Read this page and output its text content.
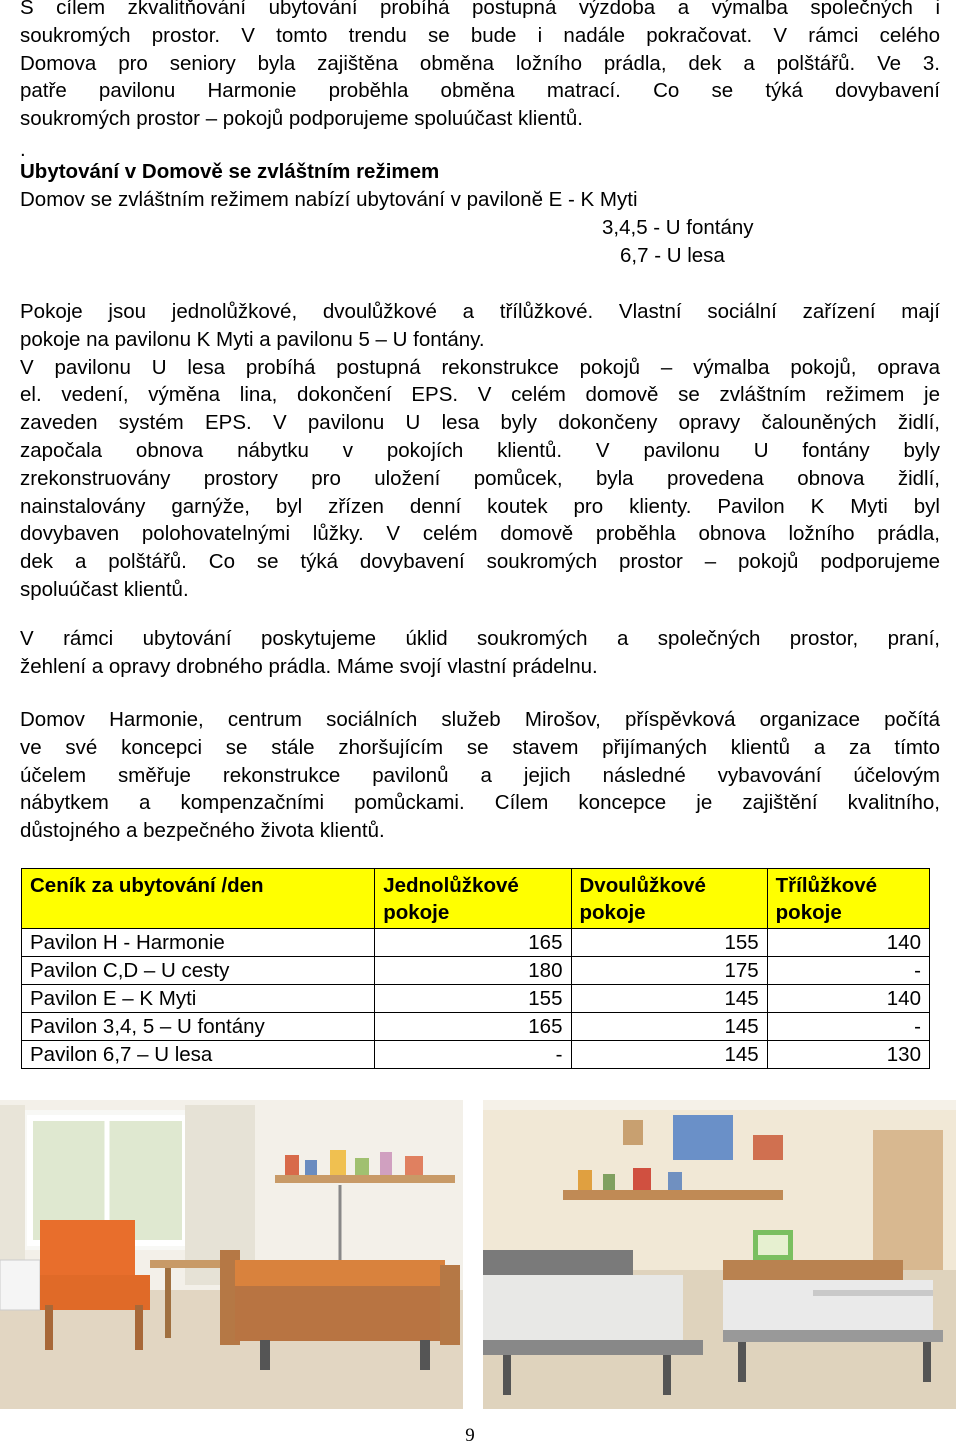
S cílem zkvalitňování ubytování probíhá postupná výzdoba a výmalba společných i
soukromých prostor. V tomto trendu se bude i nadále pokračovat. V rámci celého
Domova pro seniory byla zajištěna obměna ložního prádla, dek a polštářů. Ve 3.
patře pavilonu Harmonie proběhla obměna matrací. Co se týká dovybavení
soukromých prostor – pokojů podporujeme spoluúčast klientů.
.
Ubytování v Domově se zvláštním režimem
Domov se zvláštním režimem nabízí ubytování v pavilonĕ E - K Myti
3,4,5 - U fontány
6,7 - U lesa
Pokoje jsou jednolůžkové, dvoulůžkové a třílůžkové. Vlastní sociální zařízení mají
pokoje na pavilonu K Myti a pavilonu 5 – U fontány.
V pavilonu U lesa probíhá postupná rekonstrukce pokojů – výmalba pokojů, oprava
el. vedení, výměna lina, dokončení EPS. V celém domově se zvláštním režimem je
zaveden systém EPS. V pavilonu U lesa byly dokončeny opravy čalouněných židlí,
započala obnova nábytku v pokojích klientů. V pavilonu U fontány byly
zrekonstruovány prostory pro uložení pomůcek, byla provedena obnova židlí,
nainstalovány garnýže, byl zřízen denní koutek pro klienty. Pavilon K Myti byl
dovybaven polohovatelnými lůžky. V celém domově proběhla obnova ložního prádla,
dek a polštářů. Co se týká dovybavení soukromých prostor – pokojů podporujeme
spoluúčast klientů.
V rámci ubytování poskytujeme úklid soukromých a společných prostor, praní,
žehlení a opravy drobného prádla. Máme svojí vlastní prádelnu.
Domov Harmonie, centrum sociálních služeb Mirošov, příspěvková organizace počítá
ve své koncepci se stále zhoršujícím se stavem přijímaných klientů a za tímto
účelem směřuje rekonstrukce pavilonů a jejich následné vybavování účelovým
nábytkem a kompenzačními pomůckami. Cílem koncepce je zajištění kvalitního,
důstojného a bezpečného života klientů.
Ceník za ubytování /den	Jednolůžkové pokoje	Dvoulůžkové pokoje	Třílůžkové pokoje
Pavilon H - Harmonie	165	155	140
Pavilon C,D – U cesty	180	175	-
Pavilon E – K Myti	155	145	140
Pavilon 3,4, 5 – U fontány	165	145	-
Pavilon 6,7 – U lesa	-	145	130
9
